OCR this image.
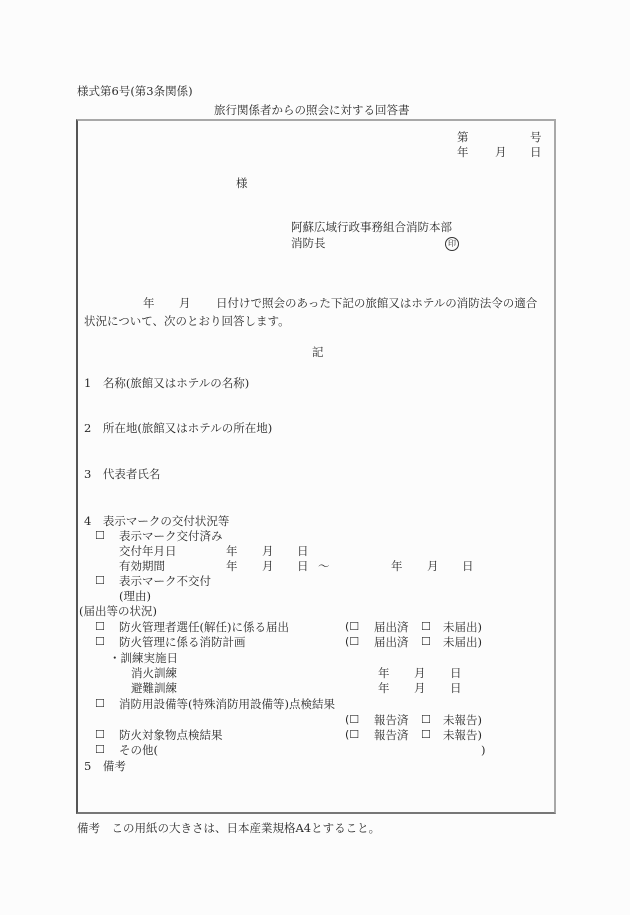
様式第6号(第3条関係)
旅行関係者からの照会に対する回答書
第	号
年 月 日
様
阿蘇広域行政事務組合消防本部
消防長	印
年 月 日付けで照会のあった下記の旅館又はホテルの消防法令の適合
状況について、次のとおり回答します。
記
1　名称(旅館又はホテルの名称)
2　所在地(旅館又はホテルの所在地)
3　代表者氏名
4　表示マークの交付状況等
☐ 表示マーク交付済み
交付年月日	年 月 日
有効期間	年 月 日 〜	年 月 日
☐ 表示マーク不交付
(理由)
(届出等の状況)
☐ 防火管理者選任(解任)に係る届出	(☐ 届出済 ☐ 未届出)
☐ 防火管理に係る消防計画	(☐ 届出済 ☐ 未届出)
・訓練実施日
消火訓練	年 月 日
避難訓練	年 月 日
☐ 消防用設備等(特殊消防用設備等)点検結果
(☐ 報告済 ☐ 未報告)
☐ 防火対象物点検結果	(☐ 報告済 ☐ 未報告)
☐ その他(	)
5　備考
備考　この用紙の大きさは、日本産業規格A4とすること。
